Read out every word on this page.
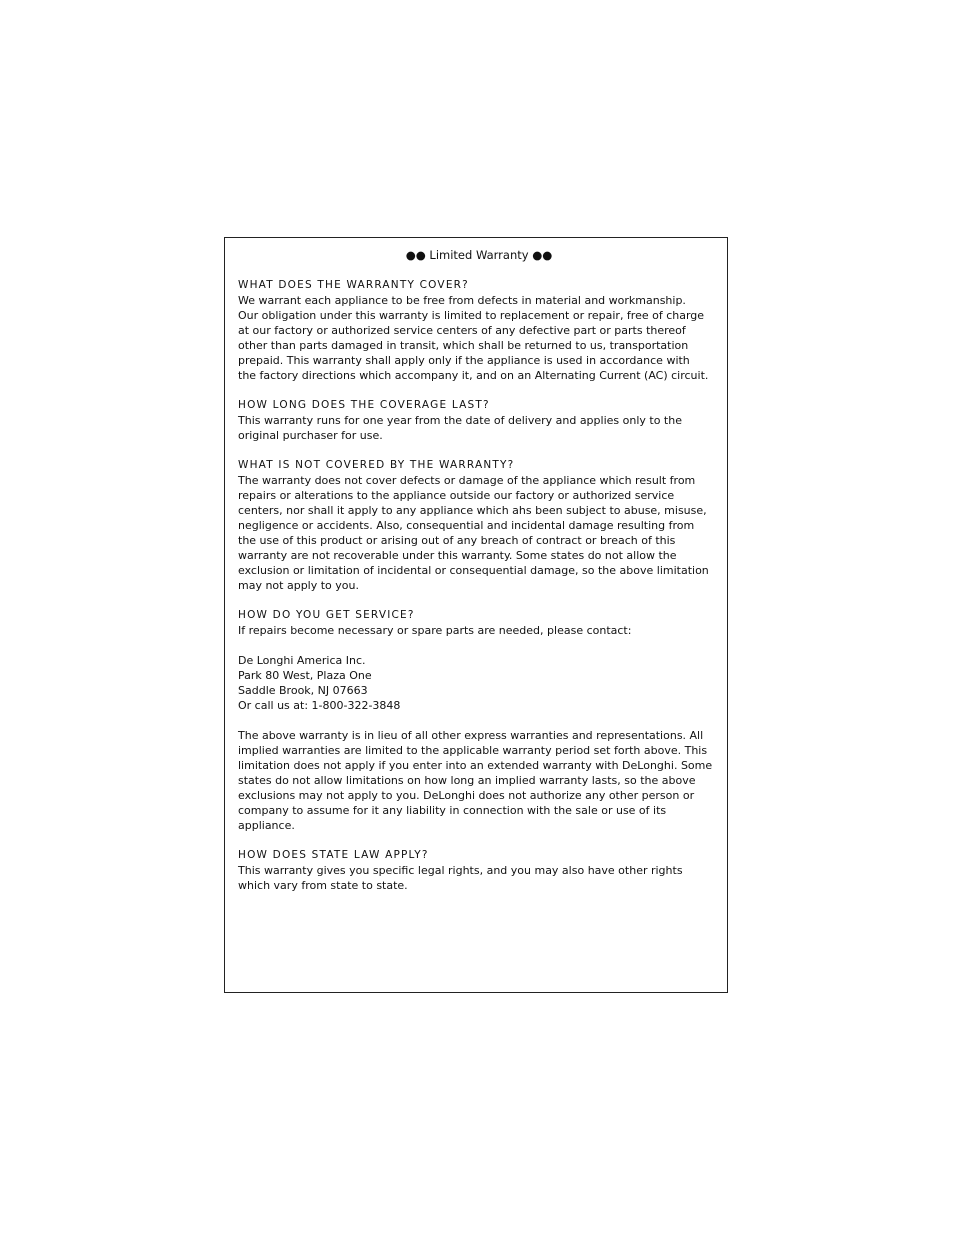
●● Limited Warranty ●●
WHAT DOES THE WARRANTY COVER?

We warrant each appliance to be free from defects in material and workmanship.
Our obligation under this warranty is limited to replacement or repair, free of charge
at our factory or authorized service centers of any defective part or parts thereof
other than parts damaged in transit, which shall be returned to us, transportation
prepaid. This warranty shall apply only if the appliance is used in accordance with
the factory directions which accompany it, and on an Alternating Current (AC) circuit.

HOW LONG DOES THE COVERAGE LAST?

This warranty runs for one year from the date of delivery and applies only to the
original purchaser for use.

WHAT IS NOT COVERED BY THE WARRANTY?

The warranty does not cover defects or damage of the appliance which result from
repairs or alterations to the appliance outside our factory or authorized service
centers, nor shall it apply to any appliance which ahs been subject to abuse, misuse,
negligence or accidents. Also, consequential and incidental damage resulting from
the use of this product or arising out of any breach of contract or breach of this
warranty are not recoverable under this warranty. Some states do not allow the
exclusion or limitation of incidental or consequential damage, so the above limitation
may not apply to you.

HOW DO YOU GET SERVICE?

If repairs become necessary or spare parts are needed, please contact:

De Longhi America Inc.
Park 80 West, Plaza One
Saddle Brook, NJ 07663
Or call us at: 1-800-322-3848

The above warranty is in lieu of all other express warranties and representations. All
implied warranties are limited to the applicable warranty period set forth above. This
limitation does not apply if you enter into an extended warranty with DeLonghi. Some
states do not allow limitations on how long an implied warranty lasts, so the above
exclusions may not apply to you. DeLonghi does not authorize any other person or
company to assume for it any liability in connection with the sale or use of its
appliance.

HOW DOES STATE LAW APPLY?

This warranty gives you specific legal rights, and you may also have other rights
which vary from state to state.
